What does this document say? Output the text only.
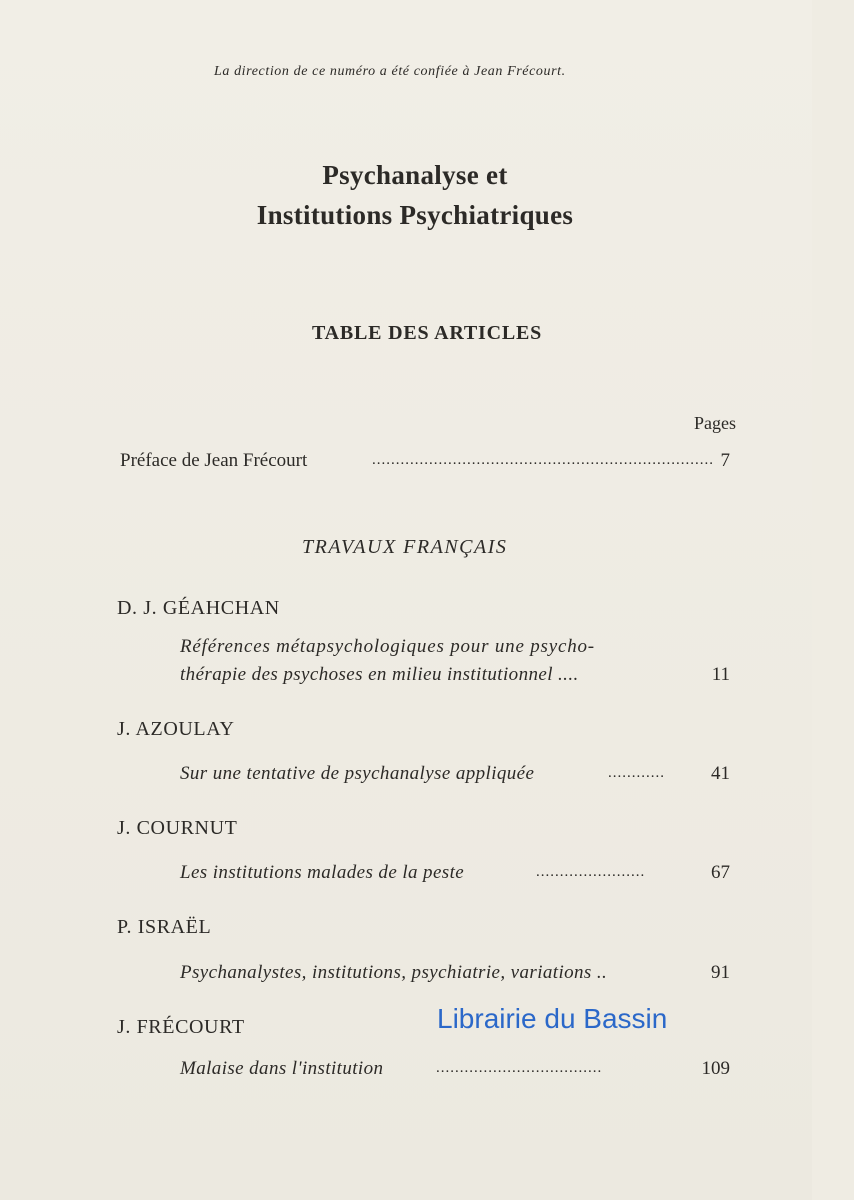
La direction de ce numéro a été confiée à Jean Frécourt.
Psychanalyse et
Institutions Psychiatriques
TABLE DES ARTICLES
Pages
Préface de Jean Frécourt	........................................................................ 7
TRAVAUX FRANÇAIS
D. J. GÉAHCHAN
Références métapsychologiques pour une psycho-
thérapie des psychoses en milieu institutionnel ....	11
J. AZOULAY
Sur une tentative de psychanalyse appliquée	............	41
J. COURNUT
Les institutions malades de la peste	.......................	67
P. ISRAËL
Psychanalystes, institutions, psychiatrie, variations ..	91
J. FRÉCOURT
Malaise dans l'institution	...................................	109
Librairie du Bassin
